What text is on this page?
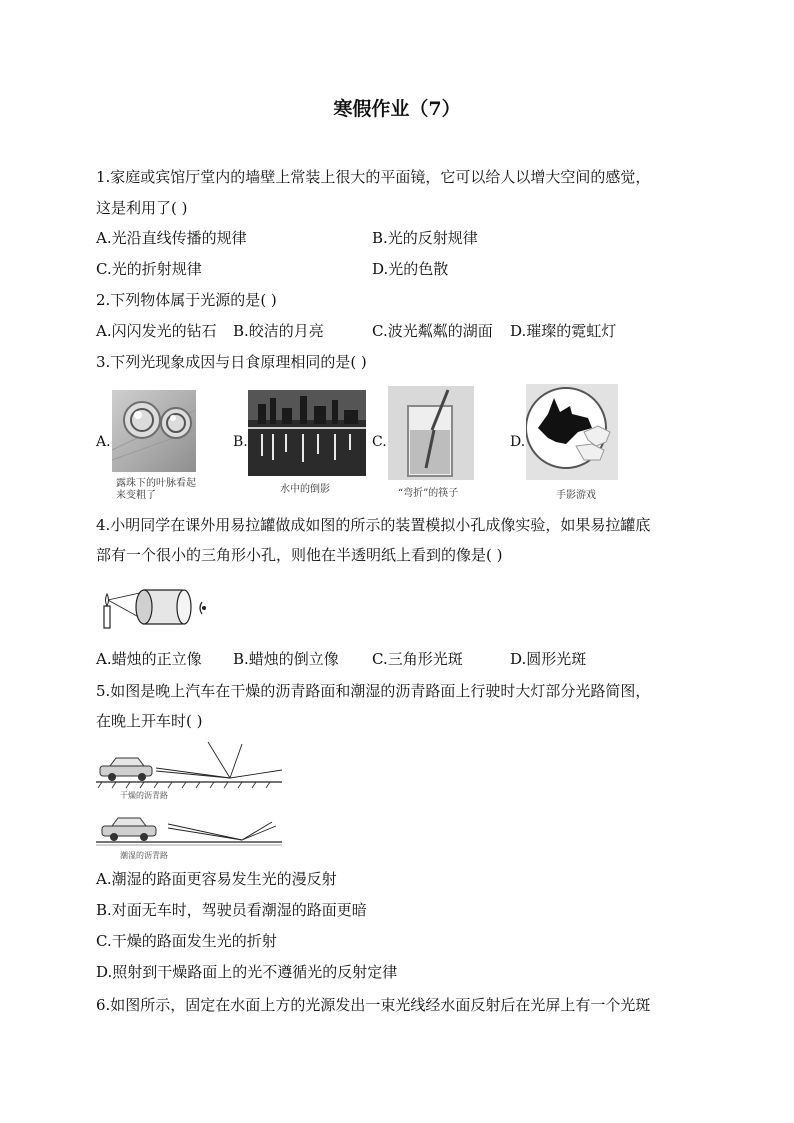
寒假作业（7）
1.家庭或宾馆厅堂内的墙壁上常装上很大的平面镜，它可以给人以增大空间的感觉，
这是利用了( )
A.光沿直线传播的规律	B.光的反射规律
C.光的折射规律	D.光的色散
2.下列物体属于光源的是( )
A.闪闪发光的钻石 B.皎洁的月亮	C.波光粼粼的湖面 D.璀璨的霓虹灯
3.下列光现象成因与日食原理相同的是( )
A.
露珠下的叶脉看起
来变粗了
B.
水中的倒影
C.
“弯折”的筷子
D.
手影游戏
4.小明同学在课外用易拉罐做成如图的所示的装置模拟小孔成像实验，如果易拉罐底
部有一个很小的三角形小孔，则他在半透明纸上看到的像是( )
A.蜡烛的正立像 B.蜡烛的倒立像 C.三角形光斑	D.圆形光斑
5.如图是晚上汽车在干燥的沥青路面和潮湿的沥青路面上行驶时大灯部分光路简图，
在晚上开车时( )
干燥的沥青路
潮湿的沥青路
A.潮湿的路面更容易发生光的漫反射
B.对面无车时，驾驶员看潮湿的路面更暗
C.干燥的路面发生光的折射
D.照射到干燥路面上的光不遵循光的反射定律
6.如图所示，固定在水面上方的光源发出一束光线经水面反射后在光屏上有一个光斑
